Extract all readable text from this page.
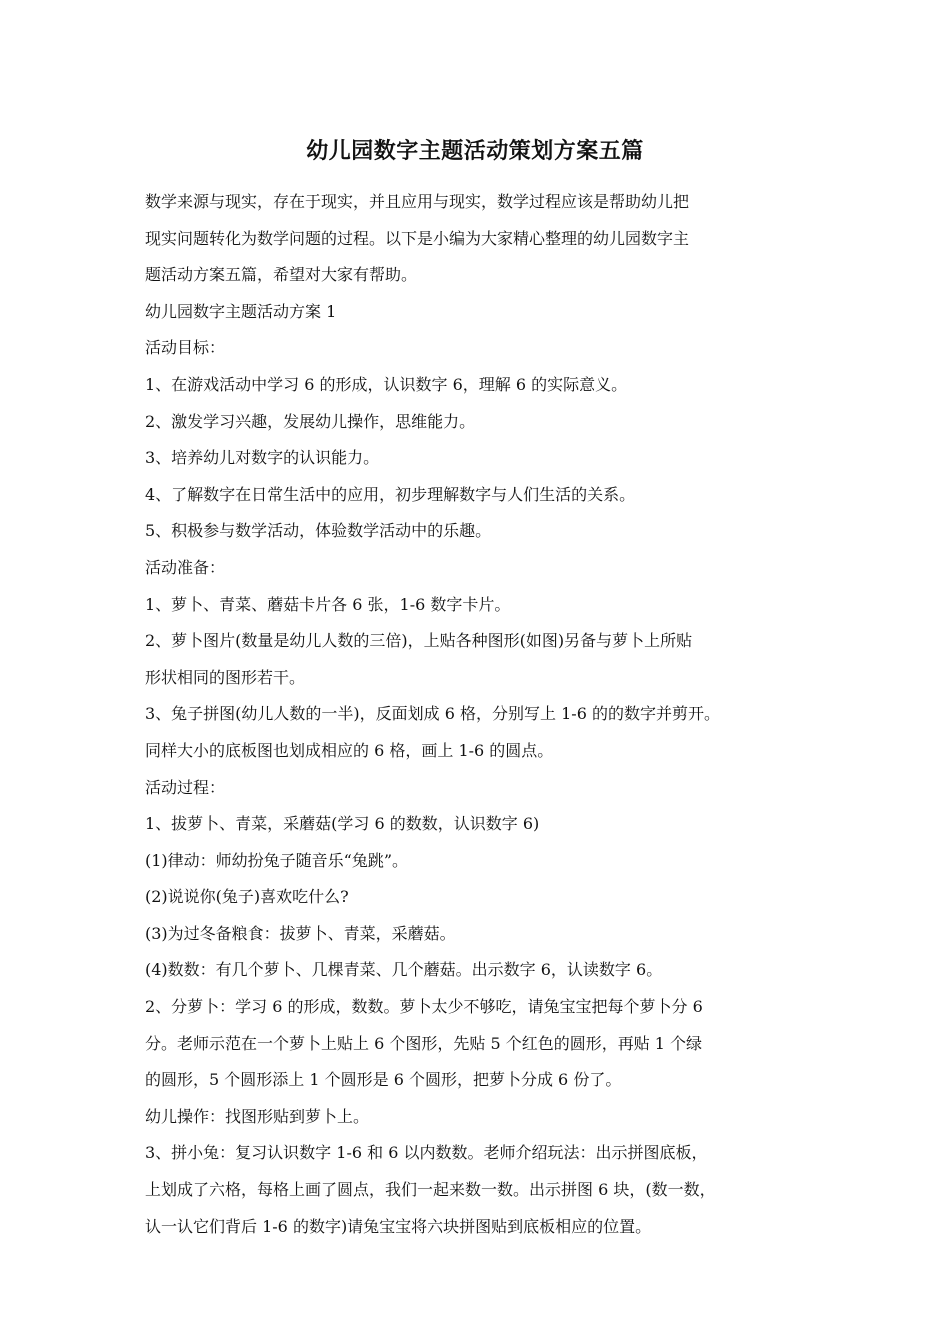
幼儿园数字主题活动策划方案五篇
数学来源与现实，存在于现实，并且应用与现实，数学过程应该是帮助幼儿把
现实问题转化为数学问题的过程。以下是小编为大家精心整理的幼儿园数字主
题活动方案五篇，希望对大家有帮助。
幼儿园数字主题活动方案 1
活动目标：
1、在游戏活动中学习 6 的形成，认识数字 6，理解 6 的实际意义。
2、激发学习兴趣，发展幼儿操作，思维能力。
3、培养幼儿对数字的认识能力。
4、了解数字在日常生活中的应用，初步理解数字与人们生活的关系。
5、积极参与数学活动，体验数学活动中的乐趣。
活动准备：
1、萝卜、青菜、蘑菇卡片各 6 张，1-6 数字卡片。
2、萝卜图片(数量是幼儿人数的三倍)，上贴各种图形(如图)另备与萝卜上所贴
形状相同的图形若干。
3、兔子拼图(幼儿人数的一半)，反面划成 6 格，分别写上 1-6 的的数字并剪开。
同样大小的底板图也划成相应的 6 格，画上 1-6 的圆点。
活动过程：
1、拔萝卜、青菜，采蘑菇(学习 6 的数数，认识数字 6)
(1)律动：师幼扮兔子随音乐“兔跳”。
(2)说说你(兔子)喜欢吃什么?
(3)为过冬备粮食：拔萝卜、青菜，采蘑菇。
(4)数数：有几个萝卜、几棵青菜、几个蘑菇。出示数字 6，认读数字 6。
2、分萝卜：学习 6 的形成，数数。萝卜太少不够吃，请兔宝宝把每个萝卜分 6
分。老师示范在一个萝卜上贴上 6 个图形，先贴 5 个红色的圆形，再贴 1 个绿
的圆形，5 个圆形添上 1 个圆形是 6 个圆形，把萝卜分成 6 份了。
幼儿操作：找图形贴到萝卜上。
3、拼小兔：复习认识数字 1-6 和 6 以内数数。老师介绍玩法：出示拼图底板，
上划成了六格，每格上画了圆点，我们一起来数一数。出示拼图 6 块，(数一数，
认一认它们背后 1-6 的数字)请兔宝宝将六块拼图贴到底板相应的位置。
